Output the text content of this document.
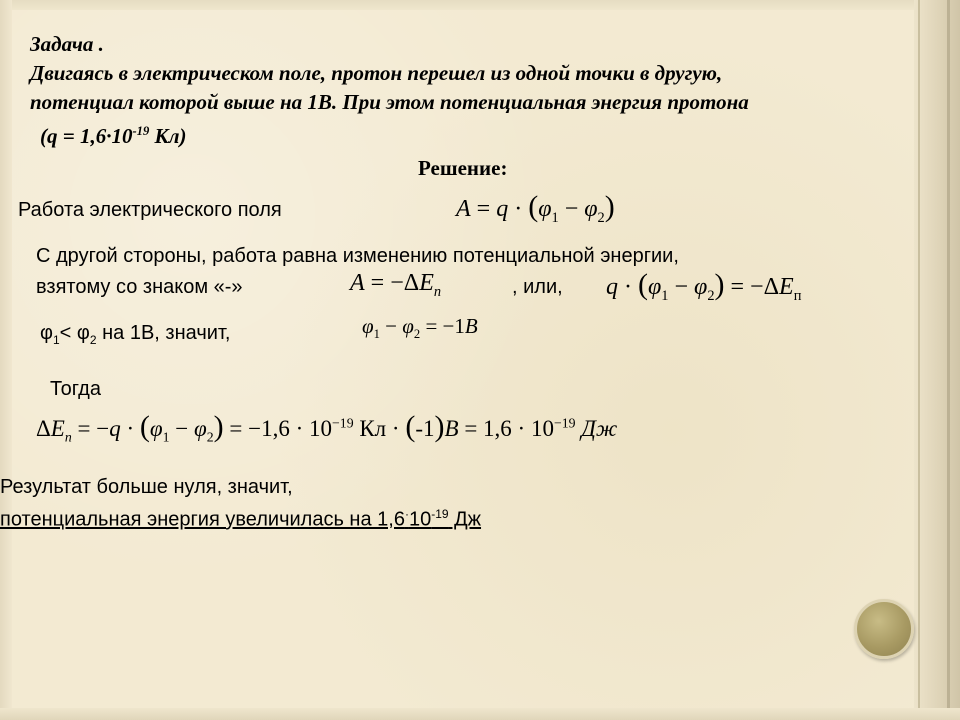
Задача .
Двигаясь в электрическом поле, протон перешел из одной точки в другую,
потенциал которой выше на 1В. При этом потенциальная энергия протона
($q = 1,6\cdot 10^{-19}$ Кл)
Решение:
Работа электрического поля	$A = q \cdot (\varphi_1 - \varphi_2)$
С другой стороны, работа равна изменению потенциальной энергии,
взятому со знаком «-»	$A = -\Delta E_n$	, или, $q \cdot (\varphi_1 - \varphi_2) = -\Delta E_п$
$\varphi_1< \varphi_2$ на 1В, значит,	$\varphi_1 - \varphi_2 = -1B$
Тогда
$\Delta E_n = -q \cdot (\varphi_1 - \varphi_2) = -1,6 \cdot 10^{-19}$ Кл · $(-1)B = 1,6 \cdot 10^{-19}$ Дж
Результат больше нуля, значит,
потенциальная энергия увеличилась на $1,6^\cdot 10^{-19}$ Дж
